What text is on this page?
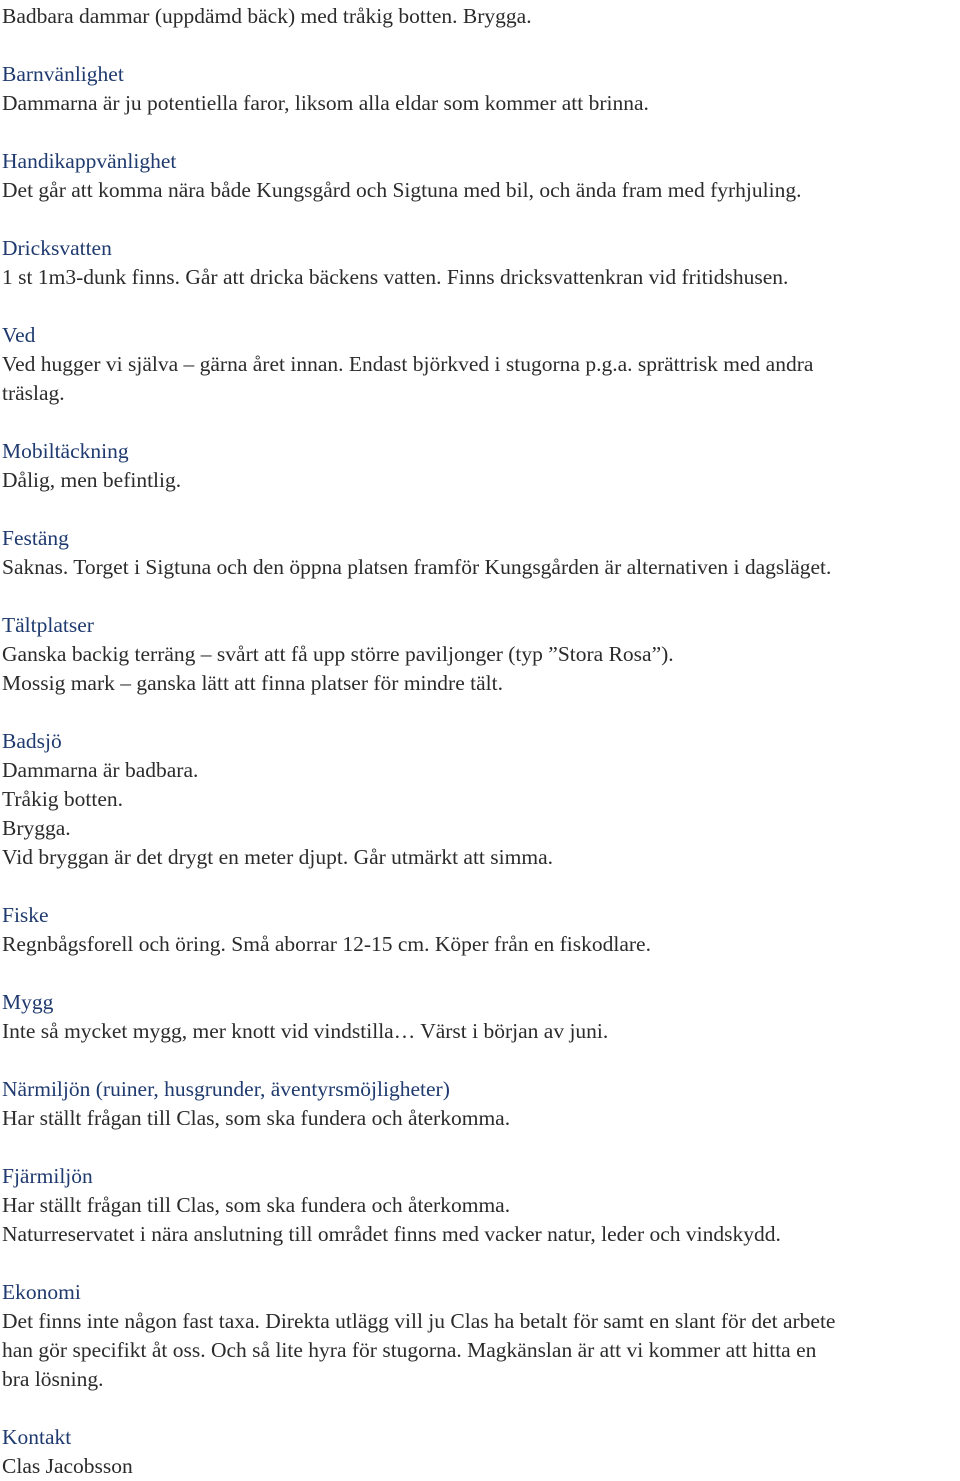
Badbara dammar (uppdämd bäck) med tråkig botten. Brygga.

Barnvänlighet

Dammarna är ju potentiella faror, liksom alla eldar som kommer att brinna.

Handikappvänlighet

Det går att komma nära både Kungsgård och Sigtuna med bil, och ända fram med fyrhjuling.

Dricksvatten

1 st 1m3-dunk finns. Går att dricka bäckens vatten. Finns dricksvattenkran vid fritidshusen.

Ved

Ved hugger vi själva – gärna året innan. Endast björkved i stugorna p.g.a. sprättrisk med andra

träslag.

Mobiltäckning

Dålig, men befintlig.

Festäng

Saknas. Torget i Sigtuna och den öppna platsen framför Kungsgården är alternativen i dagsläget.

Tältplatser

Ganska backig terräng – svårt att få upp större paviljonger (typ ”Stora Rosa”).

Mossig mark – ganska lätt att finna platser för mindre tält.

Badsjö

Dammarna är badbara.

Tråkig botten.

Brygga.

Vid bryggan är det drygt en meter djupt. Går utmärkt att simma.

Fiske

Regnbågsforell och öring. Små aborrar 12-15 cm. Köper från en fiskodlare.

Mygg

Inte så mycket mygg, mer knott vid vindstilla… Värst i början av juni.

Närmiljön (ruiner, husgrunder, äventyrsmöjligheter)

Har ställt frågan till Clas, som ska fundera och återkomma.

Fjärmiljön

Har ställt frågan till Clas, som ska fundera och återkomma.

Naturreservatet i nära anslutning till området finns med vacker natur, leder och vindskydd.

Ekonomi

Det finns inte någon fast taxa. Direkta utlägg vill ju Clas ha betalt för samt en slant för det arbete

han gör specifikt åt oss. Och så lite hyra för stugorna. Magkänslan är att vi kommer att hitta en

bra lösning.

Kontakt

Clas Jacobsson
